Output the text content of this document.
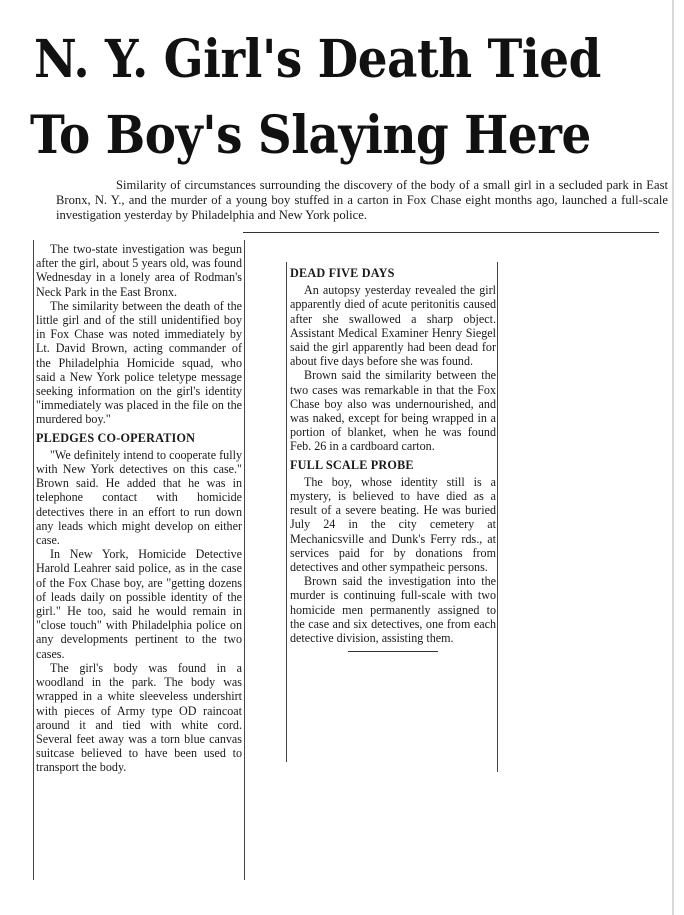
N. Y. Girl's Death Tied
To Boy's Slaying Here

Similarity of circumstances surrounding the discovery of the body of a small girl in a secluded park in East Bronx, N. Y., and the murder of a young boy stuffed in a carton in Fox Chase eight months ago, launched a full-scale investigation yesterday by Philadelphia and New York police.

The two-state investigation was begun after the girl, about 5 years old, was found Wednesday in a lonely area of Rodman's Neck Park in the East Bronx.

The similarity between the death of the little girl and of the still unidentified boy in Fox Chase was noted immediately by Lt. David Brown, acting commander of the Philadelphia Homicide squad, who said a New York police teletype message seeking information on the girl's identity "immediately was placed in the file on the murdered boy."

PLEDGES CO-OPERATION

"We definitely intend to cooperate fully with New York detectives on this case." Brown said. He added that he was in telephone contact with homicide detectives there in an effort to run down any leads which might develop on either case.

In New York, Homicide Detective Harold Leahrer said police, as in the case of the Fox Chase boy, are "getting dozens of leads daily on possible identity of the girl." He too, said he would remain in "close touch" with Philadelphia police on any developments pertinent to the two cases.

The girl's body was found in a woodland in the park. The body was wrapped in a white sleeveless undershirt with pieces of Army type OD raincoat around it and tied with white cord. Several feet away was a torn blue canvas suitcase believed to have been used to transport the body.

DEAD FIVE DAYS

An autopsy yesterday revealed the girl apparently died of acute peritonitis caused after she swallowed a sharp object. Assistant Medical Examiner Henry Siegel said the girl apparently had been dead for about five days before she was found.

Brown said the similarity between the two cases was remarkable in that the Fox Chase boy also was undernourished, and was naked, except for being wrapped in a portion of blanket, when he was found Feb. 26 in a cardboard carton.

FULL SCALE PROBE

The boy, whose identity still is a mystery, is believed to have died as a result of a severe beating. He was buried July 24 in the city cemetery at Mechanicsville and Dunk's Ferry rds., at services paid for by donations from detectives and other sympatheic persons.

Brown said the investigation into the murder is continuing full-scale with two homicide men permanently assigned to the case and six detectives, one from each detective division, assisting them.
